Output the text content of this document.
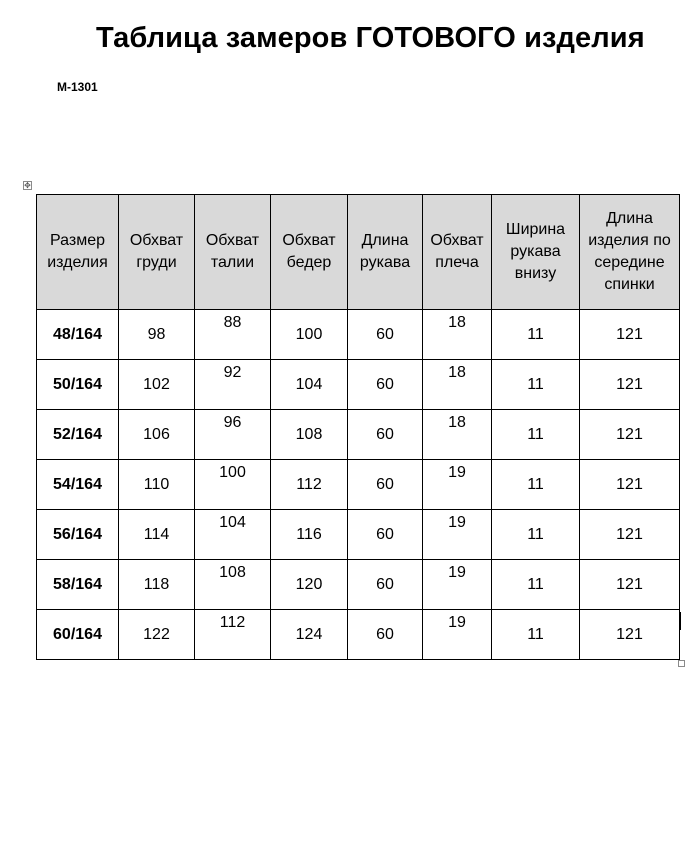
Таблица замеров ГОТОВОГО изделия
М-1301
✥
Размер изделия	Обхват груди	Обхват талии	Обхват бедер	Длина рукава	Обхват плеча	Ширина рукава внизу	Длина изделия по середине спинки
48/164	98	88	100	60	18	11	121
50/164	102	92	104	60	18	11	121
52/164	106	96	108	60	18	11	121
54/164	110	100	112	60	19	11	121
56/164	114	104	116	60	19	11	121
58/164	118	108	120	60	19	11	121
60/164	122	112	124	60	19	11	121
